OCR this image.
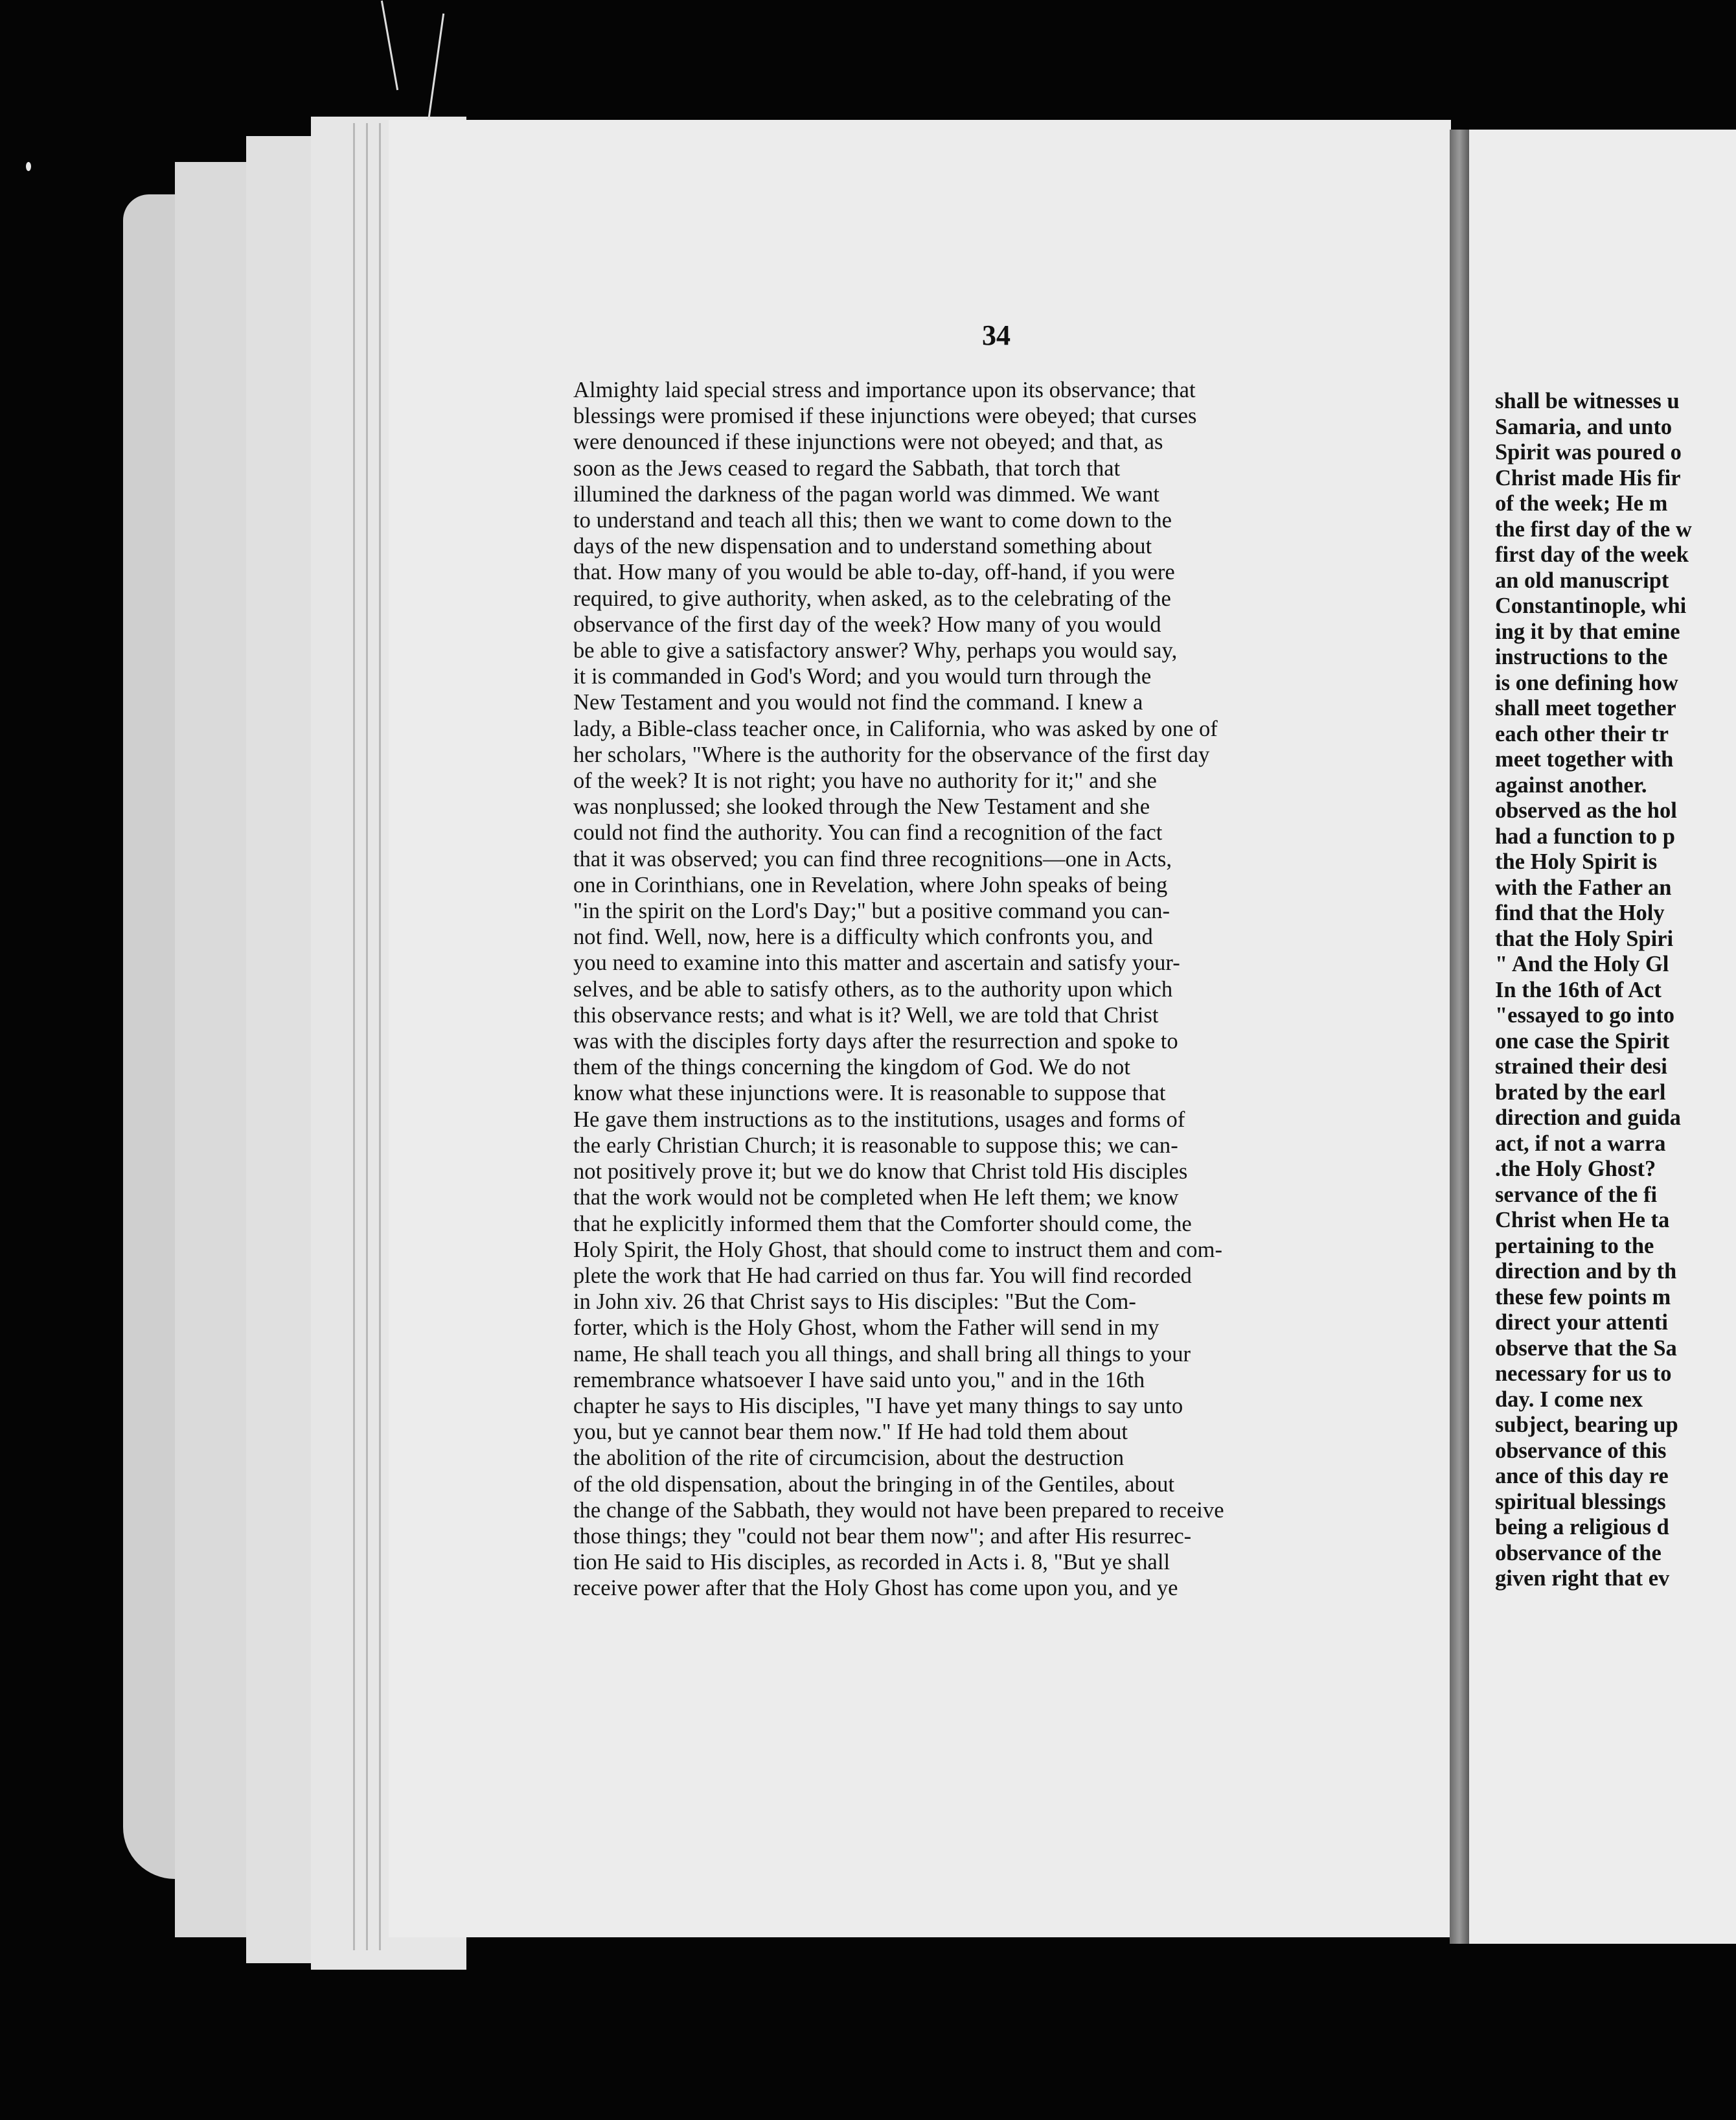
34
Almighty laid special stress and importance upon its observance; that
blessings were promised if these injunctions were obeyed; that curses
were denounced if these injunctions were not obeyed; and that, as
soon as the Jews ceased to regard the Sabbath, that torch that
illumined the darkness of the pagan world was dimmed. We want
to understand and teach all this; then we want to come down to the
days of the new dispensation and to understand something about
that. How many of you would be able to-day, off-hand, if you were
required, to give authority, when asked, as to the celebrating of the
observance of the first day of the week? How many of you would
be able to give a satisfactory answer? Why, perhaps you would say,
it is commanded in God's Word; and you would turn through the
New Testament and you would not find the command. I knew a
lady, a Bible-class teacher once, in California, who was asked by one of
her scholars, "Where is the authority for the observance of the first day
of the week? It is not right; you have no authority for it;" and she
was nonplussed; she looked through the New Testament and she
could not find the authority. You can find a recognition of the fact
that it was observed; you can find three recognitions—one in Acts,
one in Corinthians, one in Revelation, where John speaks of being
"in the spirit on the Lord's Day;" but a positive command you can-
not find. Well, now, here is a difficulty which confronts you, and
you need to examine into this matter and ascertain and satisfy your-
selves, and be able to satisfy others, as to the authority upon which
this observance rests; and what is it? Well, we are told that Christ
was with the disciples forty days after the resurrection and spoke to
them of the things concerning the kingdom of God. We do not
know what these injunctions were. It is reasonable to suppose that
He gave them instructions as to the institutions, usages and forms of
the early Christian Church; it is reasonable to suppose this; we can-
not positively prove it; but we do know that Christ told His disciples
that the work would not be completed when He left them; we know
that he explicitly informed them that the Comforter should come, the
Holy Spirit, the Holy Ghost, that should come to instruct them and com-
plete the work that He had carried on thus far. You will find recorded
in John xiv. 26 that Christ says to His disciples: "But the Com-
forter, which is the Holy Ghost, whom the Father will send in my
name, He shall teach you all things, and shall bring all things to your
remembrance whatsoever I have said unto you," and in the 16th
chapter he says to His disciples, "I have yet many things to say unto
you, but ye cannot bear them now." If He had told them about
the abolition of the rite of circumcision, about the destruction
of the old dispensation, about the bringing in of the Gentiles, about
the change of the Sabbath, they would not have been prepared to receive
those things; they "could not bear them now"; and after His resurrec-
tion He said to His disciples, as recorded in Acts i. 8, "But ye shall
receive power after that the Holy Ghost has come upon you, and ye
shall be witnesses u
Samaria, and unto
Spirit was poured o
Christ made His fir
of the week; He m
the first day of the w
first day of the week
an old manuscript
Constantinople, whi
ing it by that emine
instructions to the
is one defining how
shall meet together
each other their tr
meet together with
against another.
observed as the hol
had a function to p
the Holy Spirit is
with the Father an
find that the Holy
that the Holy Spiri
" And the Holy Gl
In the 16th of Act
"essayed to go into
one case the Spirit
strained their desi
brated by the earl
direction and guida
act, if not a warra
.the Holy Ghost?
servance of the fi
Christ when He ta
pertaining to the
direction and by th
these few points m
direct your attenti
observe that the Sa
necessary for us to
day. I come nex
subject, bearing up
observance of this
ance of this day re
spiritual blessings
being a religious d
observance of the
given right that ev
